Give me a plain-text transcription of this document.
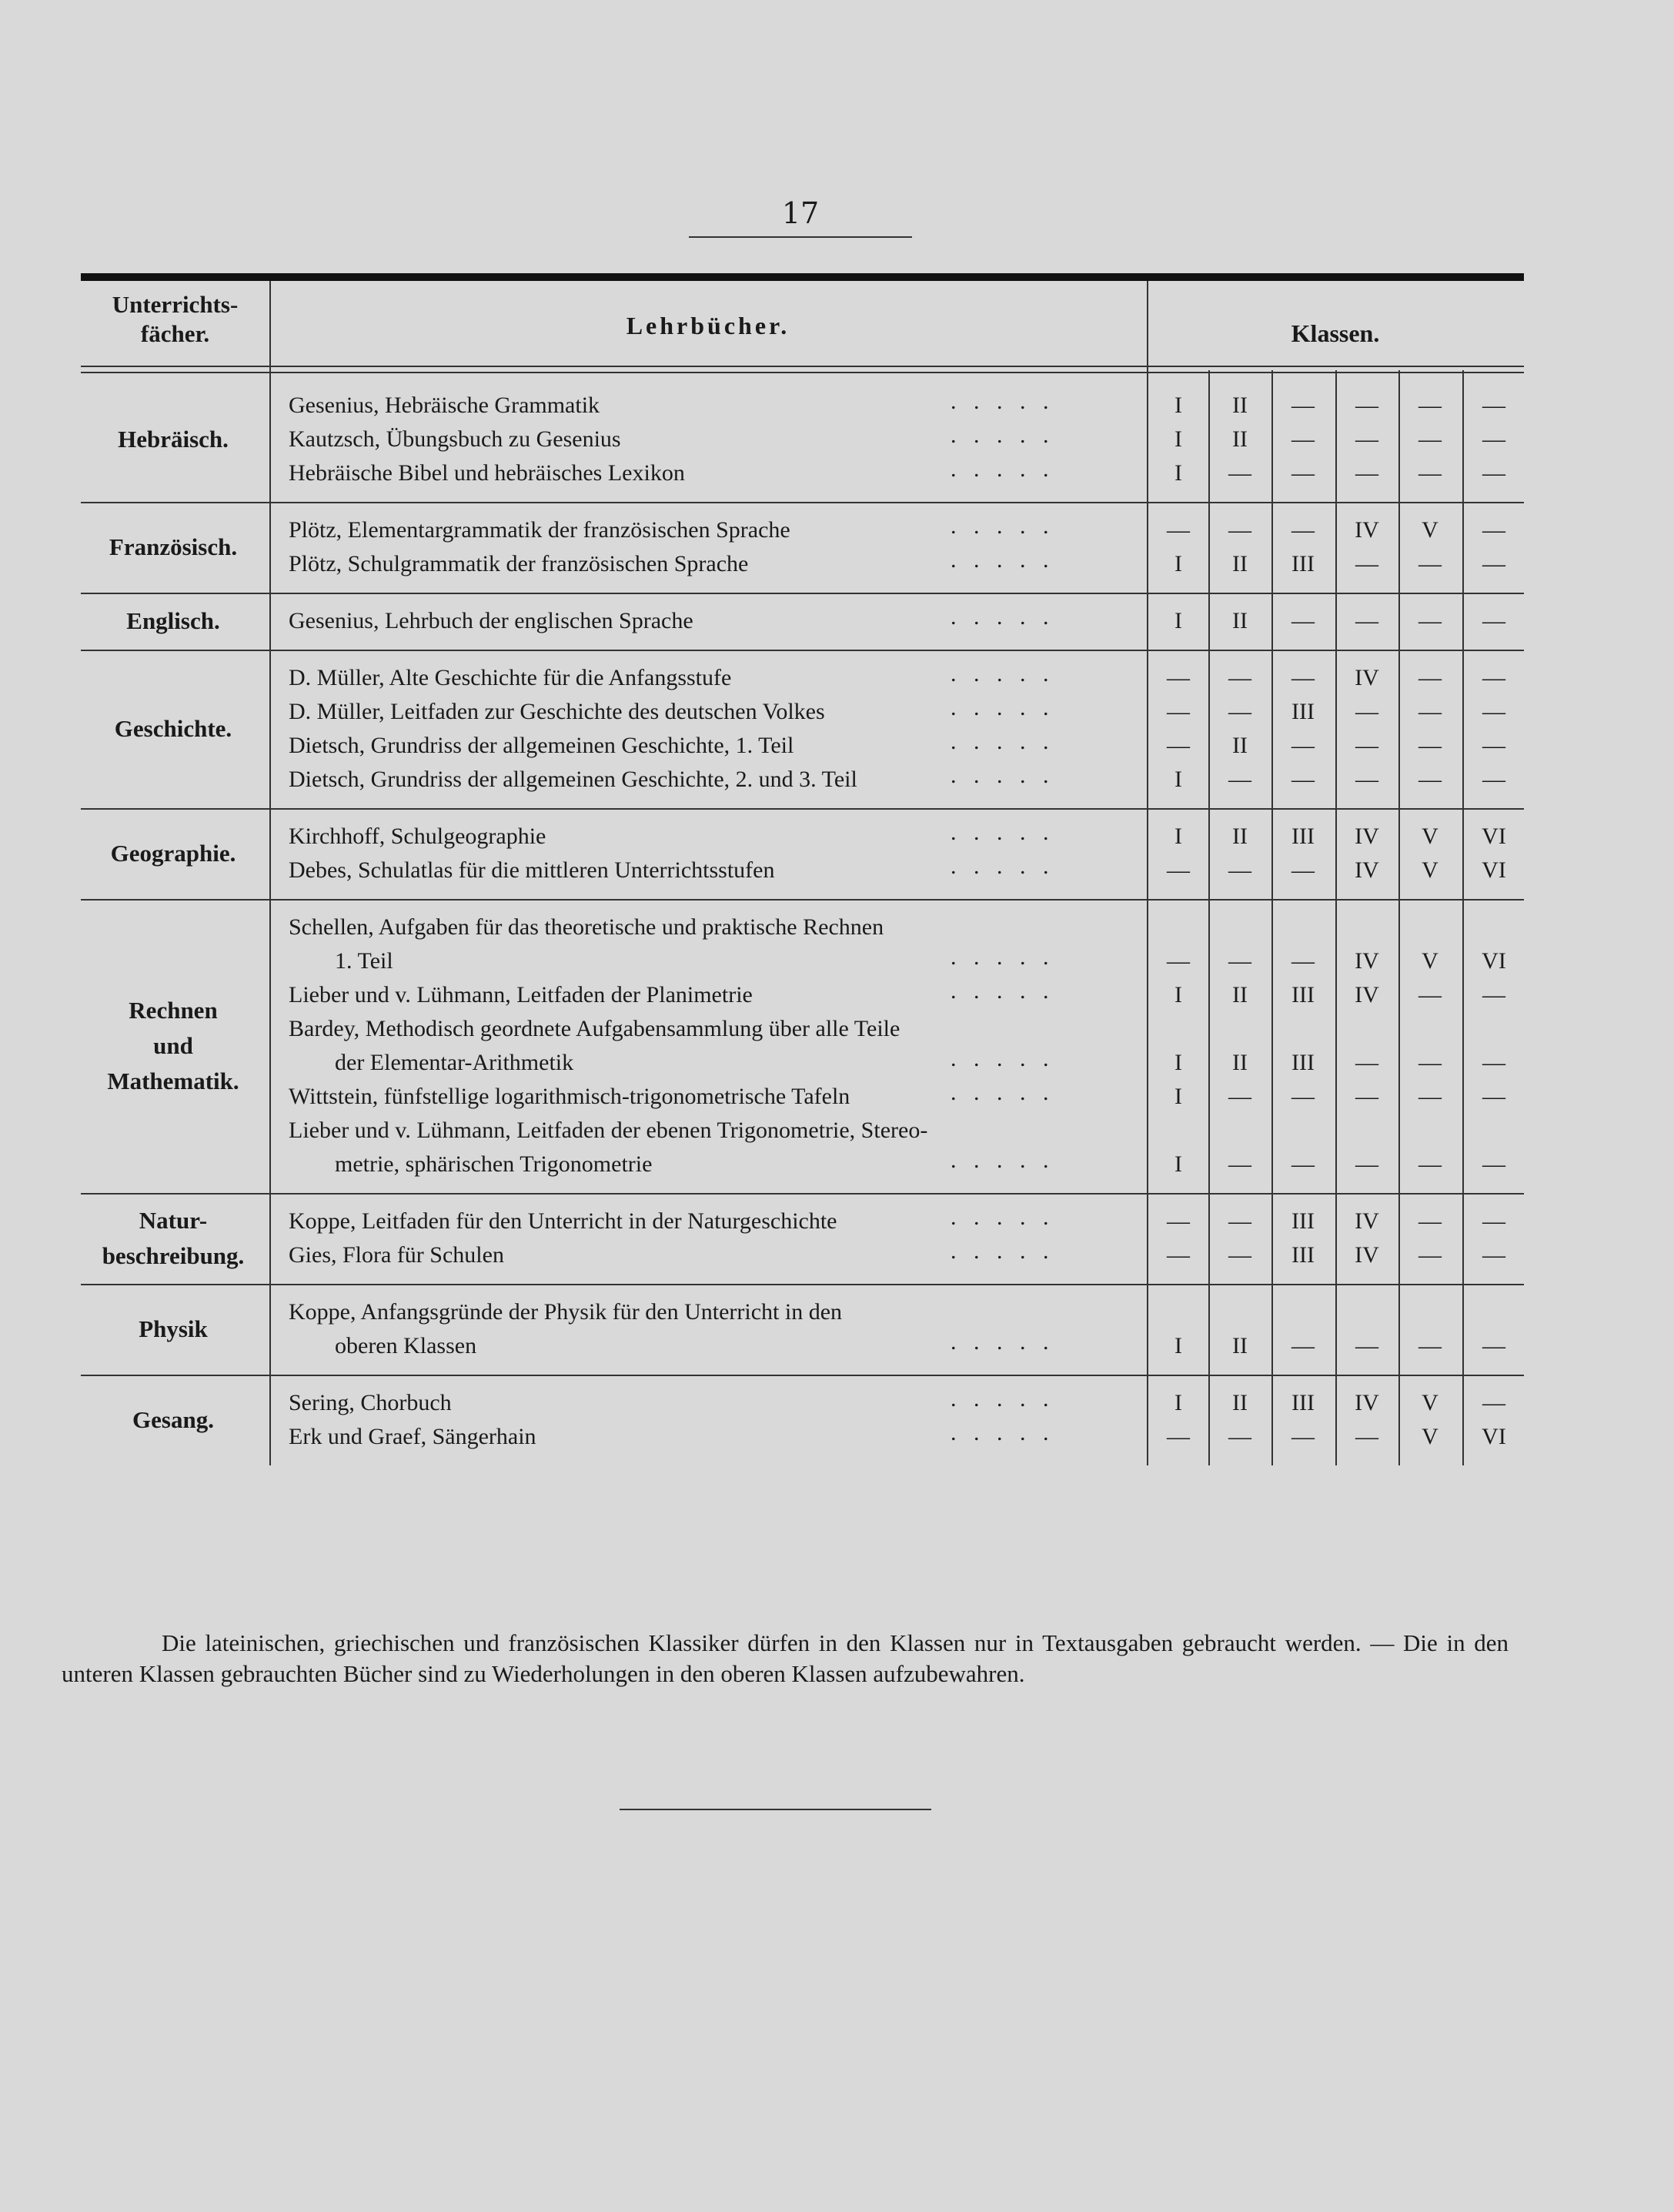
17
Unterrichts-
fächer.	Lehrbücher.	Klassen.
Hebräisch.
Gesenius, Hebräische Grammatik	.   .   .   .   .	I	II	—	—	—	—
Kautzsch, Übungsbuch zu Gesenius	.   .   .   .   .	I	II	—	—	—	—
Hebräische Bibel und hebräisches Lexikon	.   .   .   .   .	I	—	—	—	—	—
Französisch.
Plötz, Elementargrammatik der französischen Sprache	.   .   .   .   .	—	—	—	IV	V	—
Plötz, Schulgrammatik der französischen Sprache	.   .   .   .   .	I	II	III	—	—	—
Englisch.	Gesenius, Lehrbuch der englischen Sprache	.   .   .   .   .	I	II	—	—	—	—
Geschichte.
D. Müller, Alte Geschichte für die Anfangsstufe	.   .   .   .   .	—	—	—	IV	—	—
D. Müller, Leitfaden zur Geschichte des deutschen Volkes	.   .   .   .   .	—	—	III	—	—	—
Dietsch, Grundriss der allgemeinen Geschichte, 1. Teil	.   .   .   .   .	—	II	—	—	—	—
Dietsch, Grundriss der allgemeinen Geschichte, 2. und 3. Teil	.   .   .   .   .	I	—	—	—	—	—
Geographie.
Kirchhoff, Schulgeographie	.   .   .   .   .	I	II	III	IV	V	VI
Debes, Schulatlas für die mittleren Unterrichtsstufen	.   .   .   .   .	—	—	—	IV	V	VI
Rechnen
und
Mathematik.
Schellen, Aufgaben für das theoretische und praktische Rechnen
1. Teil	.   .   .   .   .	—	—	—	IV	V	VI
Lieber und v. Lühmann, Leitfaden der Planimetrie	.   .   .   .   .	I	II	III	IV	—	—
Bardey, Methodisch geordnete Aufgabensammlung über alle Teile
der Elementar-Arithmetik	.   .   .   .   .	I	II	III	—	—	—
Wittstein, fünfstellige logarithmisch-trigonometrische Tafeln	.   .   .   .   .	I	—	—	—	—	—
Lieber und v. Lühmann, Leitfaden der ebenen Trigonometrie, Stereo-
metrie, sphärischen Trigonometrie	.   .   .   .   .	I	—	—	—	—	—
Natur-
beschreibung.
Koppe, Leitfaden für den Unterricht in der Naturgeschichte	.   .   .   .   .	—	—	III	IV	—	—
Gies, Flora für Schulen	.   .   .   .   .	—	—	III	IV	—	—
Physik
Koppe, Anfangsgründe der Physik für den Unterricht in den
oberen Klassen	.   .   .   .   .	I	II	—	—	—	—
Gesang.
Sering, Chorbuch	.   .   .   .   .	I	II	III	IV	V	—
Erk und Graef, Sängerhain	.   .   .   .   .	—	—	—	—	V	VI
Die lateinischen, griechischen und französischen Klassiker dürfen in den Klassen nur in Textausgaben gebraucht werden. — Die in den unteren Klassen gebrauchten Bücher sind zu Wiederholungen in den oberen Klassen aufzubewahren.
